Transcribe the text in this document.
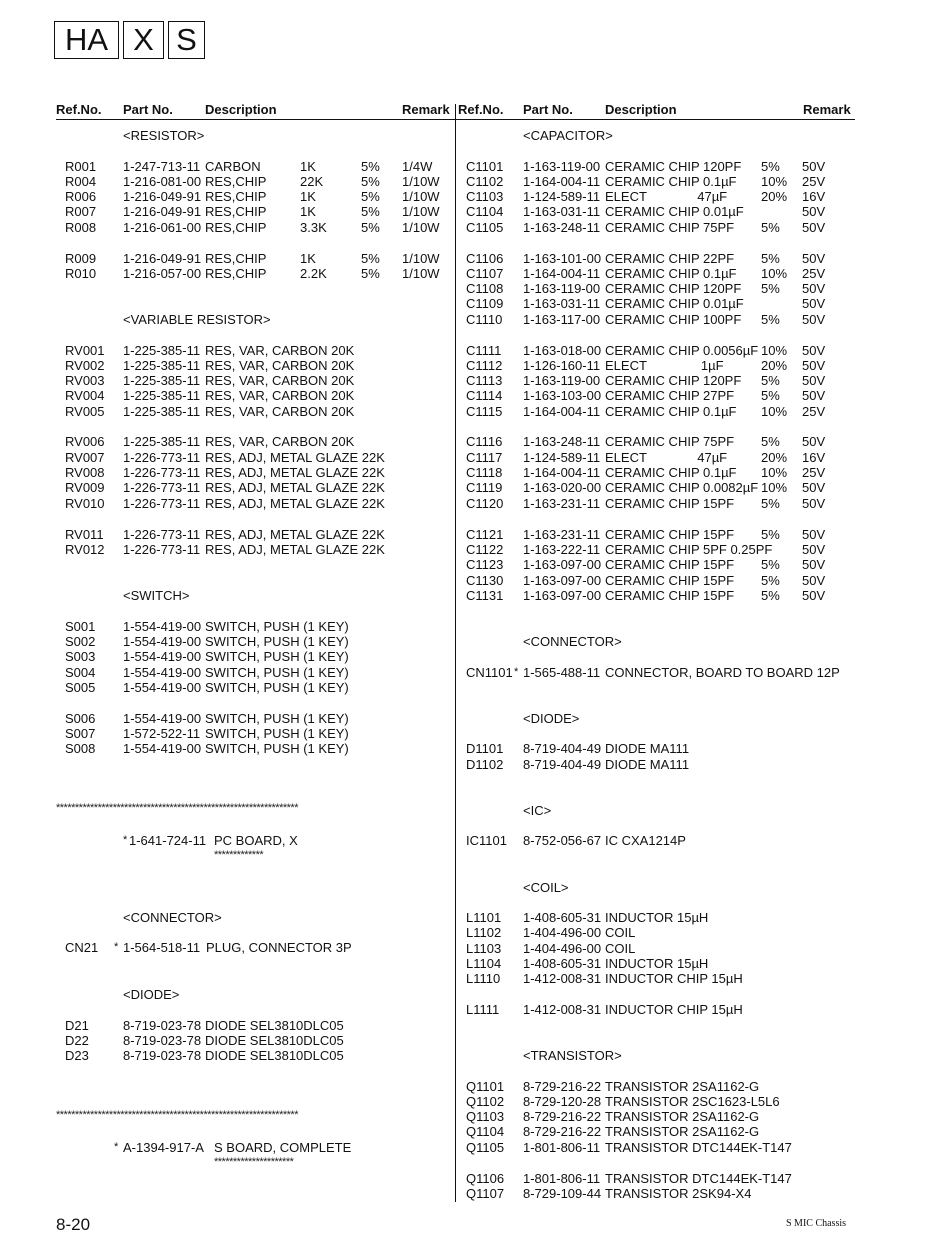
HA X S
Ref.No. Part No. Description	Remark Ref.No. Part No. Description	Remark
8-20	S MIC Chassis
<RESISTOR>
R001 1-247-713-11 CARBON	1K	5% 1/4W
R004 1-216-081-00 RES,CHIP	22K	5% 1/10W
R006 1-216-049-91 RES,CHIP	1K	5% 1/10W
R007 1-216-049-91 RES,CHIP	1K	5% 1/10W
R008 1-216-061-00 RES,CHIP	3.3K	5% 1/10W
R009 1-216-049-91 RES,CHIP	1K	5% 1/10W
R010 1-216-057-00 RES,CHIP	2.2K	5% 1/10W
<VARIABLE RESISTOR>
RV001 1-225-385-11 RES, VAR, CARBON 20K
RV002 1-225-385-11 RES, VAR, CARBON 20K
RV003 1-225-385-11 RES, VAR, CARBON 20K
RV004 1-225-385-11 RES, VAR, CARBON 20K
RV005 1-225-385-11 RES, VAR, CARBON 20K
RV006 1-225-385-11 RES, VAR, CARBON 20K
RV007 1-226-773-11 RES, ADJ, METAL GLAZE 22K
RV008 1-226-773-11 RES, ADJ, METAL GLAZE 22K
RV009 1-226-773-11 RES, ADJ, METAL GLAZE 22K
RV010 1-226-773-11 RES, ADJ, METAL GLAZE 22K
RV011 1-226-773-11 RES, ADJ, METAL GLAZE 22K
RV012 1-226-773-11 RES, ADJ, METAL GLAZE 22K
<SWITCH>
S001 1-554-419-00 SWITCH, PUSH (1 KEY)
S002 1-554-419-00 SWITCH, PUSH (1 KEY)
S003 1-554-419-00 SWITCH, PUSH (1 KEY)
S004 1-554-419-00 SWITCH, PUSH (1 KEY)
S005 1-554-419-00 SWITCH, PUSH (1 KEY)
S006 1-554-419-00 SWITCH, PUSH (1 KEY)
S007 1-572-522-11 SWITCH, PUSH (1 KEY)
S008 1-554-419-00 SWITCH, PUSH (1 KEY)
****************************************************************
* 1-641-724-11 PC BOARD, X
*************
<CONNECTOR>
CN21 1-564-518-11 PLUG, CONNECTOR 3P
*
<DIODE>
D21	8-719-023-78 DIODE SEL3810DLC05
D22	8-719-023-78 DIODE SEL3810DLC05
D23	8-719-023-78 DIODE SEL3810DLC05
****************************************************************
* A-1394-917-A S BOARD, COMPLETE
*********************
<CAPACITOR>
C1101 1-163-119-00 CERAMIC CHIP 120PF 5% 50V
C1102 1-164-004-11 CERAMIC CHIP 0.1µF 10% 25V
C1103 1-124-589-11 ELECT              47µF	20% 16V
C1104 1-163-031-11 CERAMIC CHIP 0.01µF	50V
C1105 1-163-248-11 CERAMIC CHIP 75PF 5% 50V
C1106 1-163-101-00 CERAMIC CHIP 22PF 5% 50V
C1107 1-164-004-11 CERAMIC CHIP 0.1µF 10% 25V
C1108 1-163-119-00 CERAMIC CHIP 120PF 5% 50V
C1109 1-163-031-11 CERAMIC CHIP 0.01µF	50V
C1110 1-163-117-00 CERAMIC CHIP 100PF 5% 50V
C1111 1-163-018-00 CERAMIC CHIP 0.0056µF 10% 50V
C1112 1-126-160-11 ELECT               1µF	20% 50V
C1113 1-163-119-00 CERAMIC CHIP 120PF 5% 50V
C1114 1-163-103-00 CERAMIC CHIP 27PF 5% 50V
C1115 1-164-004-11 CERAMIC CHIP 0.1µF 10% 25V
C1116 1-163-248-11 CERAMIC CHIP 75PF 5% 50V
C1117 1-124-589-11 ELECT              47µF	20% 16V
C1118 1-164-004-11 CERAMIC CHIP 0.1µF 10% 25V
C1119 1-163-020-00 CERAMIC CHIP 0.0082µF 10% 50V
C1120 1-163-231-11 CERAMIC CHIP 15PF 5% 50V
C1121 1-163-231-11 CERAMIC CHIP 15PF 5% 50V
C1122 1-163-222-11 CERAMIC CHIP 5PF 0.25PF 50V
C1123 1-163-097-00 CERAMIC CHIP 15PF 5% 50V
C1130 1-163-097-00 CERAMIC CHIP 15PF 5% 50V
C1131 1-163-097-00 CERAMIC CHIP 15PF 5% 50V
<CONNECTOR>
CN1101 1-565-488-11 CONNECTOR, BOARD TO BOARD 12P
*
<DIODE>
D1101 8-719-404-49 DIODE MA111
D1102 8-719-404-49 DIODE MA111
<IC>
IC1101 8-752-056-67 IC CXA1214P
<COIL>
L1101 1-408-605-31 INDUCTOR 15µH
L1102 1-404-496-00 COIL
L1103 1-404-496-00 COIL
L1104 1-408-605-31 INDUCTOR 15µH
L1110 1-412-008-31 INDUCTOR CHIP 15µH
L1111 1-412-008-31 INDUCTOR CHIP 15µH
<TRANSISTOR>
Q1101 8-729-216-22 TRANSISTOR 2SA1162-G
Q1102 8-729-120-28 TRANSISTOR 2SC1623-L5L6
Q1103 8-729-216-22 TRANSISTOR 2SA1162-G
Q1104 8-729-216-22 TRANSISTOR 2SA1162-G
Q1105 1-801-806-11 TRANSISTOR DTC144EK-T147
Q1106 1-801-806-11 TRANSISTOR DTC144EK-T147
Q1107 8-729-109-44 TRANSISTOR 2SK94-X4
